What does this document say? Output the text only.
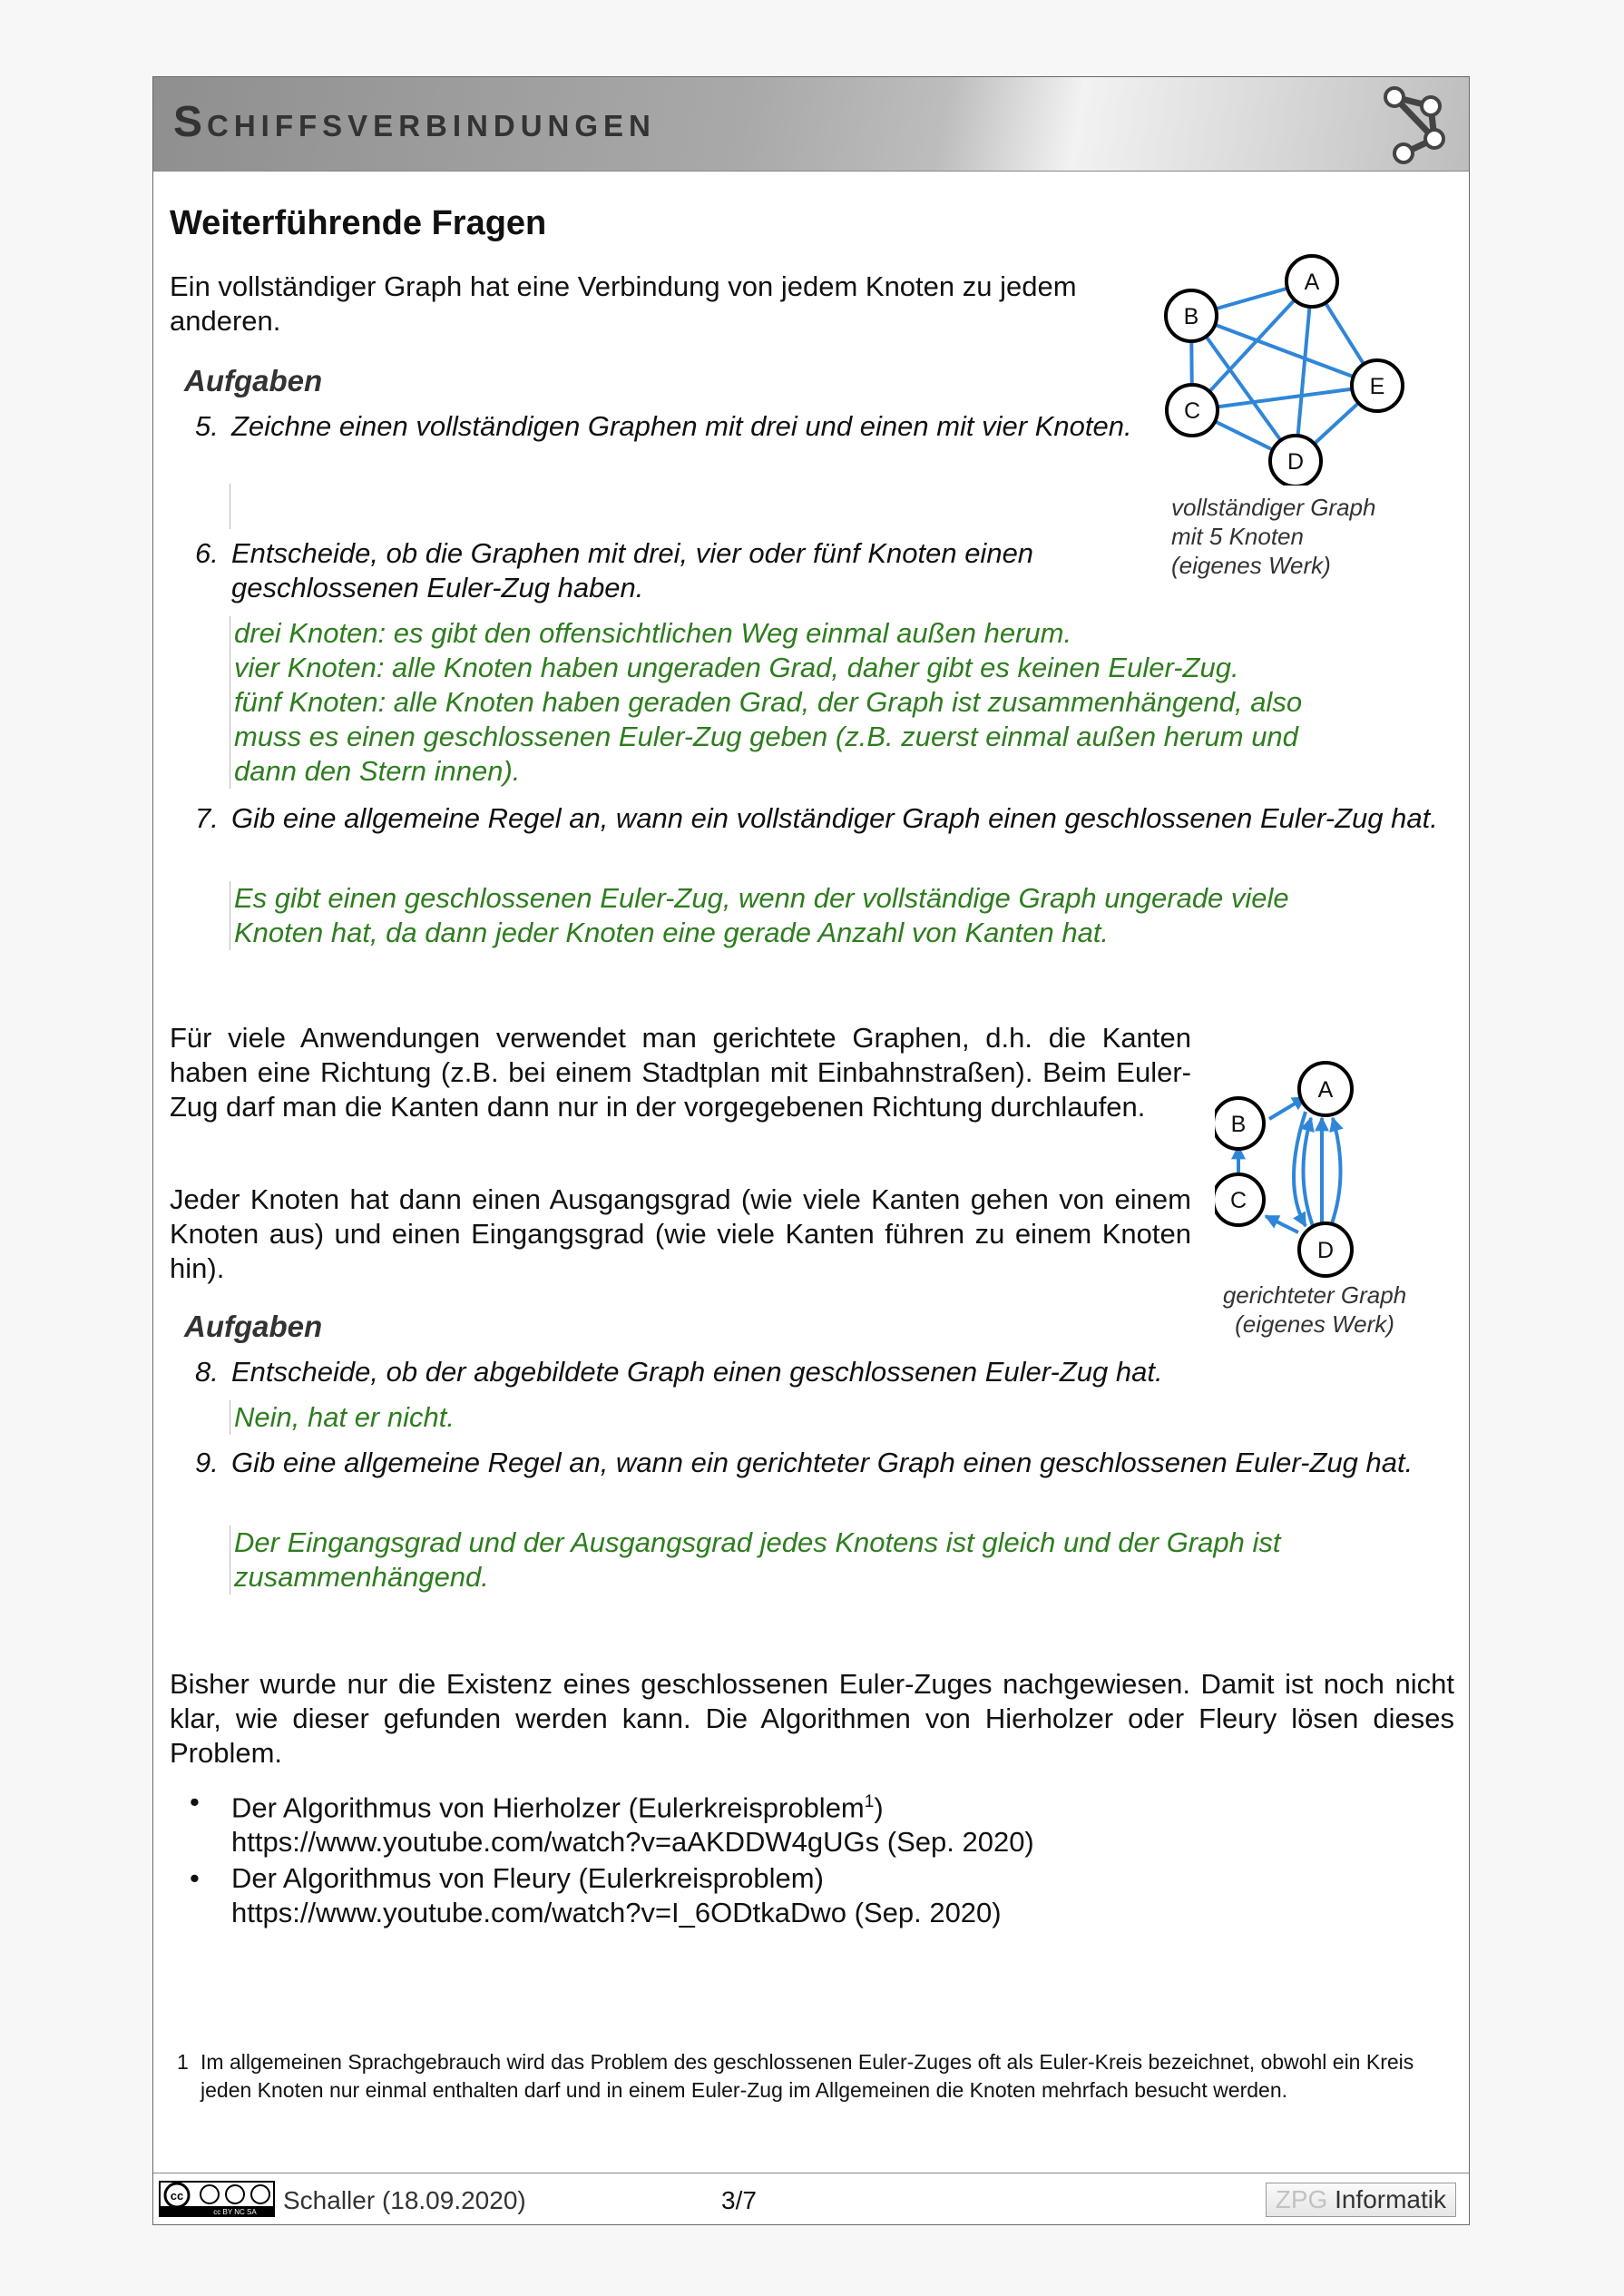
SCHIFFSVERBINDUNGEN
Weiterführende Fragen
Ein vollständiger Graph hat eine Verbindung von jedem Knoten zu jedem anderen.
A
B
C
D
E
vollständiger Graph
mit 5 Knoten
(eigenes Werk)
Aufgaben
5. Zeichne einen vollständigen Graphen mit drei und einen mit vier Knoten.
6. Entscheide, ob die Graphen mit drei, vier oder fünf Knoten einen geschlossenen Euler-Zug haben.
drei Knoten: es gibt den offensichtlichen Weg einmal außen herum.
vier Knoten: alle Knoten haben ungeraden Grad, daher gibt es keinen Euler-Zug.
fünf Knoten: alle Knoten haben geraden Grad, der Graph ist zusammenhängend, also
muss es einen geschlossenen Euler-Zug geben (z.B. zuerst einmal außen herum und
dann den Stern innen).
7. Gib eine allgemeine Regel an, wann ein vollständiger Graph einen geschlossenen Euler-Zug hat.
Es gibt einen geschlossenen Euler-Zug, wenn der vollständige Graph ungerade viele Knoten hat, da dann jeder Knoten eine gerade Anzahl von Kanten hat.
Für viele Anwendungen verwendet man gerichtete Graphen, d.h. die Kanten haben eine Richtung (z.B. bei einem Stadtplan mit Einbahnstraßen). Beim Euler-Zug darf man die Kanten dann nur in der vorgegebenen Richtung durchlaufen.
Jeder Knoten hat dann einen Ausgangsgrad (wie viele Kanten gehen von einem Knoten aus) und einen Eingangsgrad (wie viele Kanten führen zu einem Knoten hin).
A
B
C
D
gerichteter Graph
(eigenes Werk)
Aufgaben
8. Entscheide, ob der abgebildete Graph einen geschlossenen Euler-Zug hat.
Nein, hat er nicht.
9. Gib eine allgemeine Regel an, wann ein gerichteter Graph einen geschlossenen Euler-Zug hat.
Der Eingangsgrad und der Ausgangsgrad jedes Knotens ist gleich und der Graph ist zusammenhängend.
Bisher wurde nur die Existenz eines geschlossenen Euler-Zuges nachgewiesen. Damit ist noch nicht klar, wie dieser gefunden werden kann. Die Algorithmen von Hierholzer oder Fleury lösen dieses Problem.
• Der Algorithmus von Hierholzer (Eulerkreisproblem$^1$)
https://www.youtube.com/watch?v=aAKDDW4gUGs (Sep. 2020)
• Der Algorithmus von Fleury (Eulerkreisproblem)
https://www.youtube.com/watch?v=I_6ODtkaDwo (Sep. 2020)
1 Im allgemeinen Sprachgebrauch wird das Problem des geschlossenen Euler-Zuges oft als Euler-Kreis bezeichnet, obwohl ein Kreis jeden Knoten nur einmal enthalten darf und in einem Euler-Zug im Allgemeinen die Knoten mehrfach besucht werden.
cc
cc BY NC SA Schaller (18.09.2020)	3/7	ZPG Informatik
